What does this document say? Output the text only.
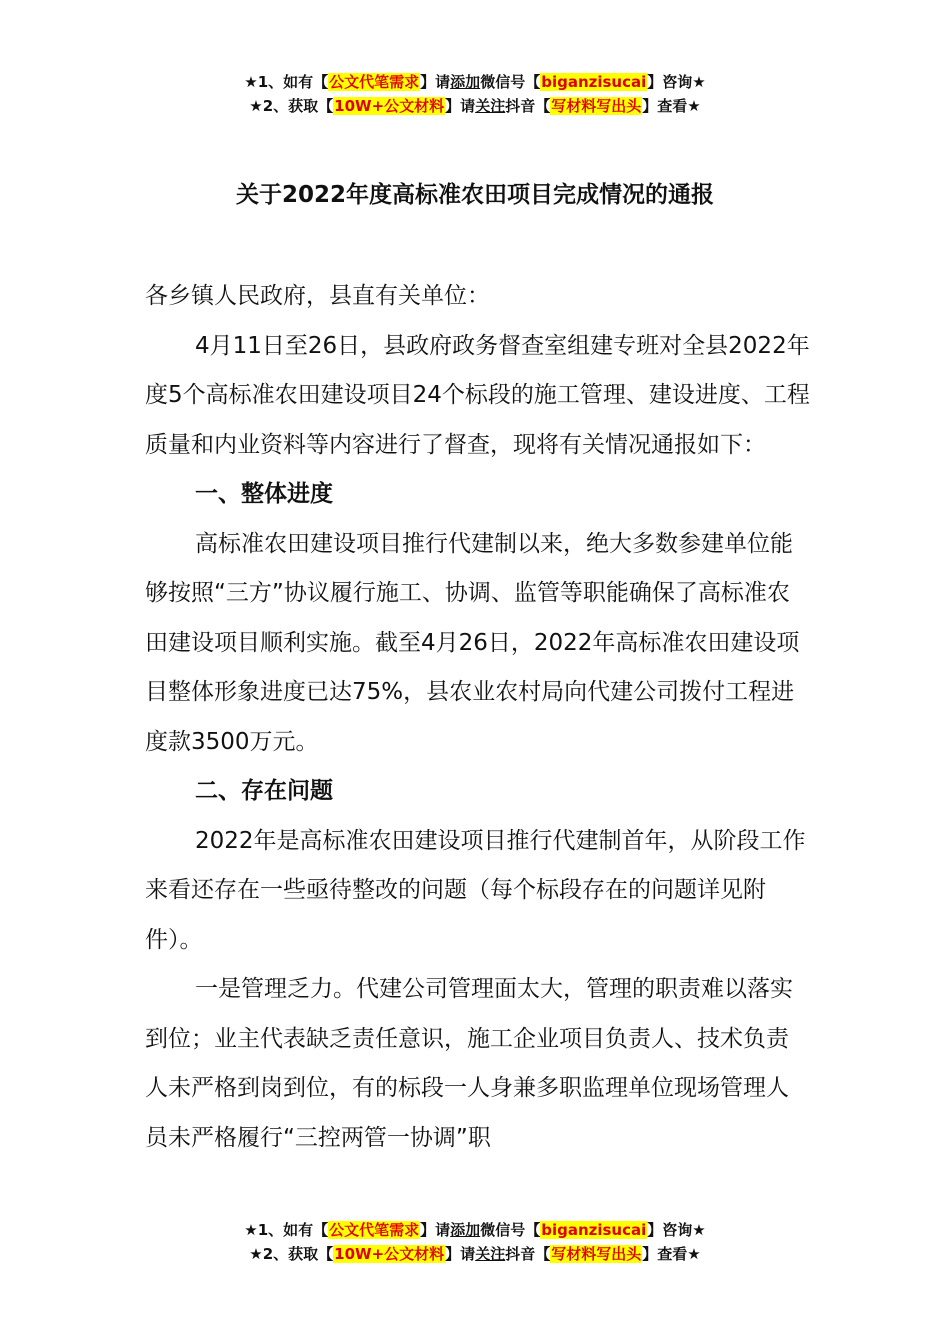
★1、如有【公文代笔需求】请添加微信号【biganzisucai】咨询★
★2、获取【10W+公文材料】请关注抖音【写材料写出头】查看★
关于2022年度高标准农田项目完成情况的通报

各乡镇人民政府，县直有关单位：

4月11日至26日，县政府政务督查室组建专班对全县2022年度5个高标准农田建设项目24个标段的施工管理、建设进度、工程质量和内业资料等内容进行了督查，现将有关情况通报如下：

一、整体进度

高标准农田建设项目推行代建制以来，绝大多数参建单位能够按照“三方”协议履行施工、协调、监管等职能确保了高标准农田建设项目顺利实施。截至4月26日，2022年高标准农田建设项目整体形象进度已达75%，县农业农村局向代建公司拨付工程进度款3500万元。

二、存在问题

2022年是高标准农田建设项目推行代建制首年，从阶段工作来看还存在一些亟待整改的问题（每个标段存在的问题详见附件）。

一是管理乏力。代建公司管理面太大，管理的职责难以落实到位；业主代表缺乏责任意识，施工企业项目负责人、技术负责人未严格到岗到位，有的标段一人身兼多职监理单位现场管理人员未严格履行“三控两管一协调”职

★1、如有【公文代笔需求】请添加微信号【biganzisucai】咨询★
★2、获取【10W+公文材料】请关注抖音【写材料写出头】查看★
